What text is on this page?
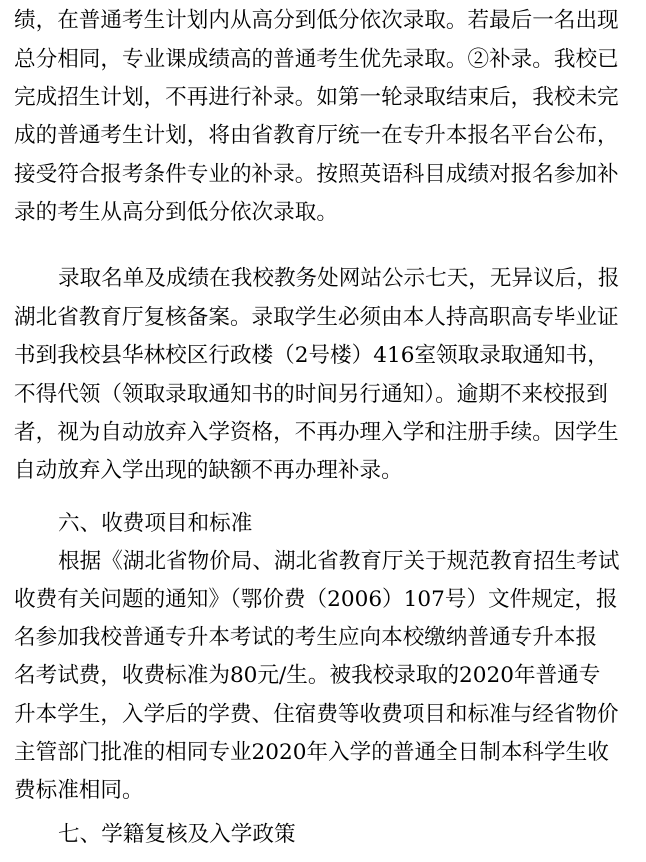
绩，在普通考生计划内从高分到低分依次录取。若最后一名出现
总分相同，专业课成绩高的普通考生优先录取。②补录。我校已
完成招生计划，不再进行补录。如第一轮录取结束后，我校未完
成的普通考生计划，将由省教育厅统一在专升本报名平台公布，
接受符合报考条件专业的补录。按照英语科目成绩对报名参加补
录的考生从高分到低分依次录取。
录取名单及成绩在我校教务处网站公示七天，无异议后，报
湖北省教育厅复核备案。录取学生必须由本人持高职高专毕业证
书到我校县华林校区行政楼（2号楼）416室领取录取通知书，
不得代领（领取录取通知书的时间另行通知）。逾期不来校报到
者，视为自动放弃入学资格，不再办理入学和注册手续。因学生
自动放弃入学出现的缺额不再办理补录。
六、收费项目和标准
根据《湖北省物价局、湖北省教育厅关于规范教育招生考试
收费有关问题的通知》（鄂价费（2006）107号）文件规定，报
名参加我校普通专升本考试的考生应向本校缴纳普通专升本报
名考试费，收费标准为80元/生。被我校录取的2020年普通专
升本学生，入学后的学费、住宿费等收费项目和标准与经省物价
主管部门批准的相同专业2020年入学的普通全日制本科学生收
费标准相同。
七、学籍复核及入学政策
